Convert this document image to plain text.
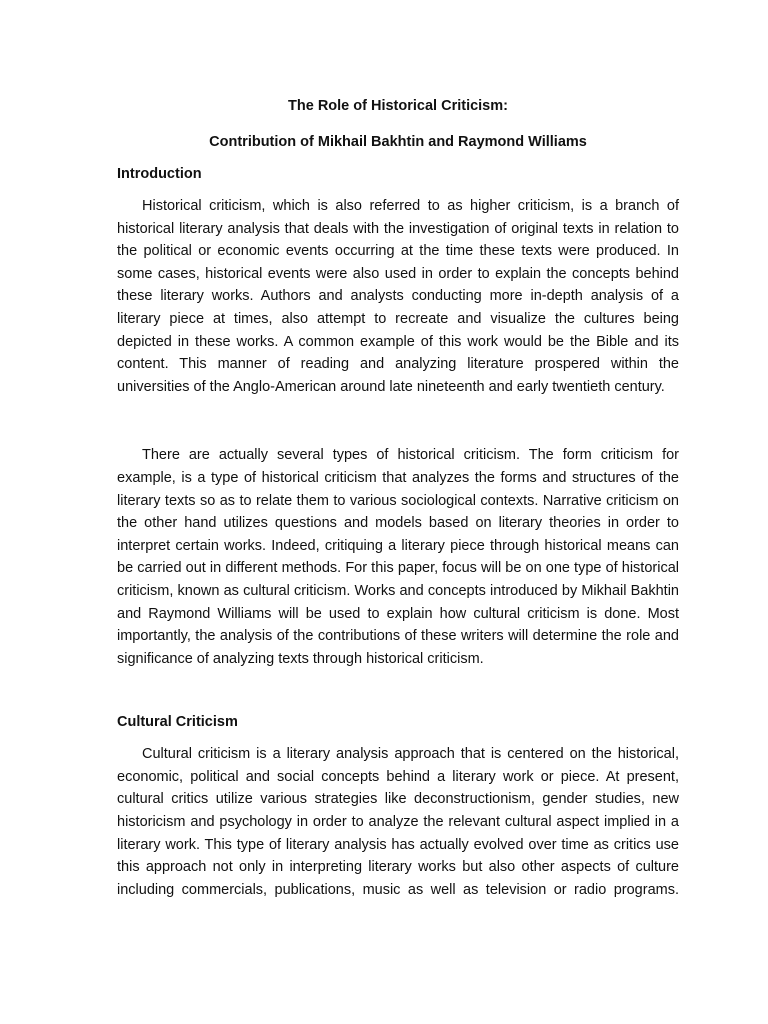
The Role of Historical Criticism:

Contribution of Mikhail Bakhtin and Raymond Williams

Introduction

Historical criticism, which is also referred to as higher criticism, is a branch of historical literary analysis that deals with the investigation of original texts in relation to the political or economic events occurring at the time these texts were produced. In some cases, historical events were also used in order to explain the concepts behind these literary works. Authors and analysts conducting more in-depth analysis of a literary piece at times, also attempt to recreate and visualize the cultures being depicted in these works. A common example of this work would be the Bible and its content. This manner of reading and analyzing literature prospered within the universities of the Anglo-American around late nineteenth and early twentieth century.

There are actually several types of historical criticism. The form criticism for example, is a type of historical criticism that analyzes the forms and structures of the literary texts so as to relate them to various sociological contexts. Narrative criticism on the other hand utilizes questions and models based on literary theories in order to interpret certain works. Indeed, critiquing a literary piece through historical means can be carried out in different methods. For this paper, focus will be on one type of historical criticism, known as cultural criticism. Works and concepts introduced by Mikhail Bakhtin and Raymond Williams will be used to explain how cultural criticism is done. Most importantly, the analysis of the contributions of these writers will determine the role and significance of analyzing texts through historical criticism.

Cultural Criticism

Cultural criticism is a literary analysis approach that is centered on the historical, economic, political and social concepts behind a literary work or piece. At present, cultural critics utilize various strategies like deconstructionism, gender studies, new historicism and psychology in order to analyze the relevant cultural aspect implied in a literary work. This type of literary analysis has actually evolved over time as critics use this approach not only in interpreting literary works but also other aspects of culture including commercials, publications, music as well as television or radio programs.
